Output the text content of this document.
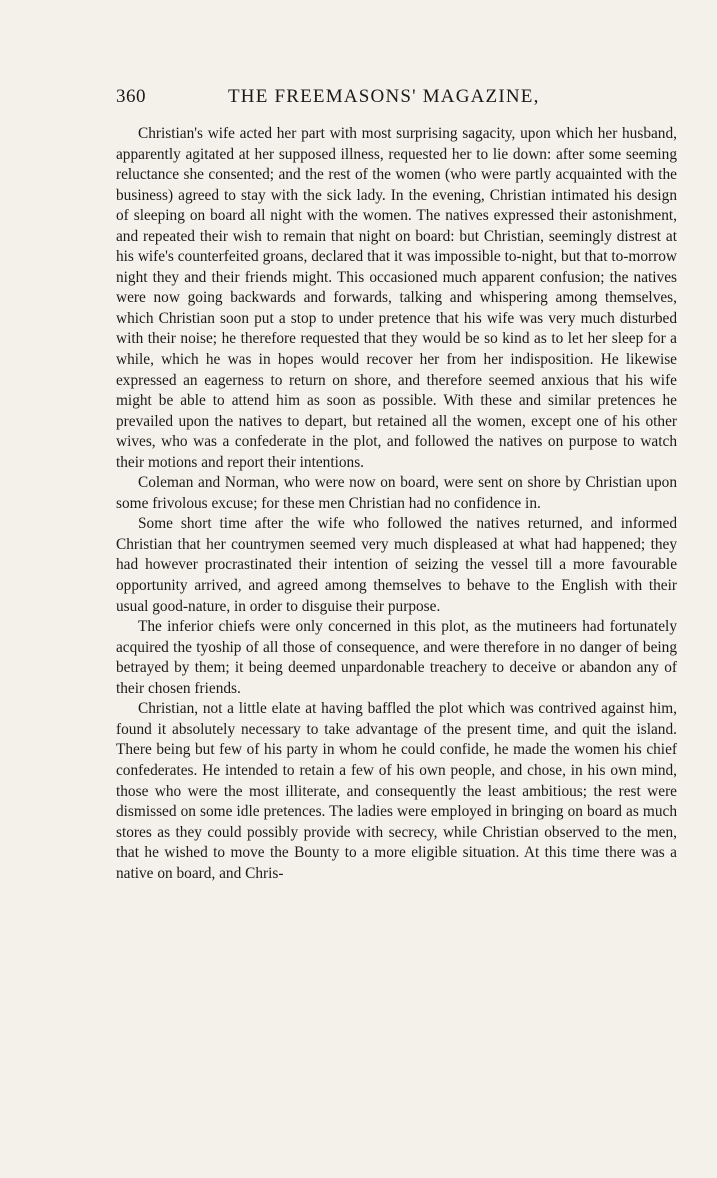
360	THE FREEMASONS' MAGAZINE,

Christian's wife acted her part with most surprising sagacity, upon which her husband, apparently agitated at her supposed illness, requested her to lie down: after some seeming reluctance she consented; and the rest of the women (who were partly acquainted with the business) agreed to stay with the sick lady. In the evening, Christian intimated his design of sleeping on board all night with the women. The natives expressed their astonishment, and repeated their wish to remain that night on board: but Christian, seemingly distrest at his wife's counterfeited groans, declared that it was impossible to-night, but that to-morrow night they and their friends might. This occasioned much apparent confusion; the natives were now going backwards and forwards, talking and whispering among themselves, which Christian soon put a stop to under pretence that his wife was very much disturbed with their noise; he therefore requested that they would be so kind as to let her sleep for a while, which he was in hopes would recover her from her indisposition. He likewise expressed an eagerness to return on shore, and therefore seemed anxious that his wife might be able to attend him as soon as possible. With these and similar pretences he prevailed upon the natives to depart, but retained all the women, except one of his other wives, who was a confederate in the plot, and followed the natives on purpose to watch their motions and report their intentions.

Coleman and Norman, who were now on board, were sent on shore by Christian upon some frivolous excuse; for these men Christian had no confidence in.

Some short time after the wife who followed the natives returned, and informed Christian that her countrymen seemed very much displeased at what had happened; they had however procrastinated their intention of seizing the vessel till a more favourable opportunity arrived, and agreed among themselves to behave to the English with their usual good-nature, in order to disguise their purpose.

The inferior chiefs were only concerned in this plot, as the mutineers had fortunately acquired the tyoship of all those of consequence, and were therefore in no danger of being betrayed by them; it being deemed unpardonable treachery to deceive or abandon any of their chosen friends.

Christian, not a little elate at having baffled the plot which was contrived against him, found it absolutely necessary to take advantage of the present time, and quit the island. There being but few of his party in whom he could confide, he made the women his chief confederates. He intended to retain a few of his own people, and chose, in his own mind, those who were the most illiterate, and consequently the least ambitious; the rest were dismissed on some idle pretences. The ladies were employed in bringing on board as much stores as they could possibly provide with secrecy, while Christian observed to the men, that he wished to move the Bounty to a more eligible situation. At this time there was a native on board, and Chris-
